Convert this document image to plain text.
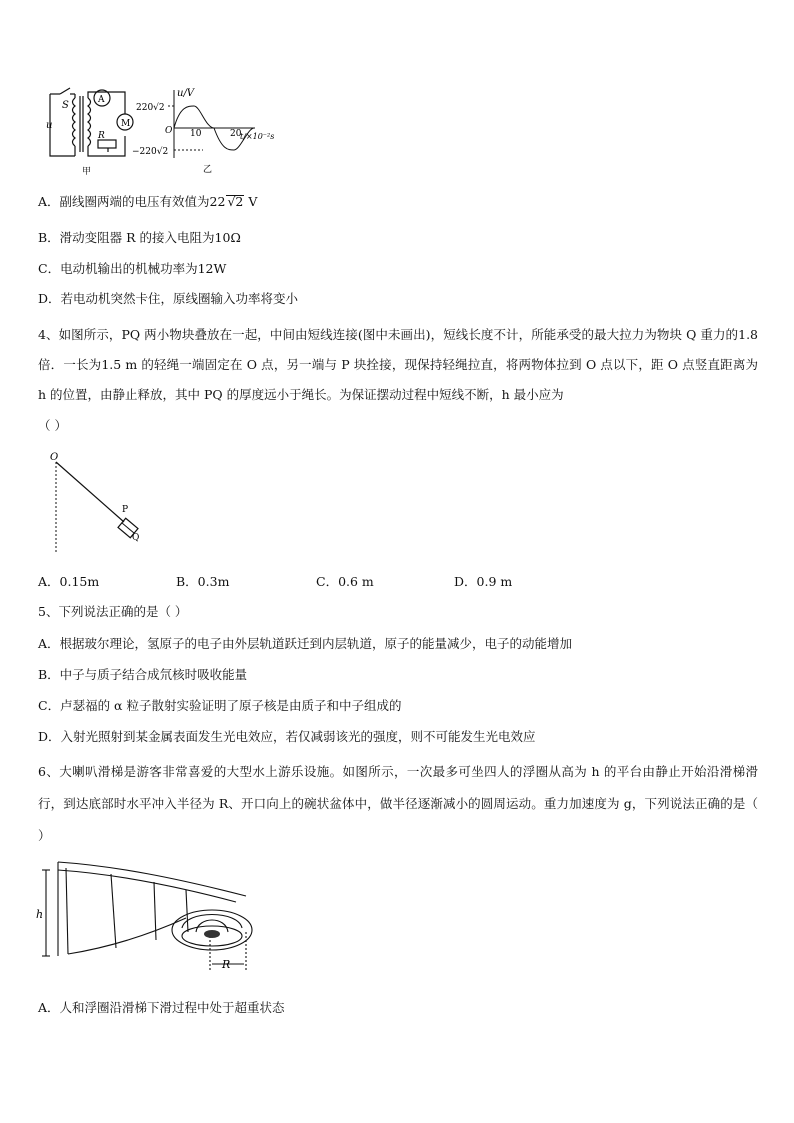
S
u
A
M
R
甲
u/V
220√2
−220√2
O 10	20
t/×10⁻²s
乙
A．副线圈两端的电压有效值为22 √2 V
B．滑动变阻器 R 的接入电阻为10Ω
C．电动机输出的机械功率为12W
D．若电动机突然卡住，原线圈输入功率将变小
4、如图所示，PQ 两小物块叠放在一起，中间由短线连接(图中未画出)，短线长度不计，所能承受的最大拉力为物块 Q 重力的1.8 倍．一长为1.5 m 的轻绳一端固定在 O 点，另一端与 P 块拴接，现保持轻绳拉直，将两物体拉到 O 点以下，距 O 点竖直距离为 h 的位置，由静止释放，其中 PQ 的厚度远小于绳长。为保证摆动过程中短线不断，h 最小应为
（ ）
O
P
Q
A．0.15m	B．0.3m	C．0.6 m	D．0.9 m
5、下列说法正确的是（ ）
A．根据玻尔理论，氢原子的电子由外层轨道跃迁到内层轨道，原子的能量减少，电子的动能增加
B．中子与质子结合成氘核时吸收能量
C．卢瑟福的 α 粒子散射实验证明了原子核是由质子和中子组成的
D．入射光照射到某金属表面发生光电效应，若仅减弱该光的强度，则不可能发生光电效应
6、大喇叭滑梯是游客非常喜爱的大型水上游乐设施。如图所示，一次最多可坐四人的浮圈从高为 h 的平台由静止开始沿滑梯滑行，到达底部时水平冲入半径为 R、开口向上的碗状盆体中，做半径逐渐减小的圆周运动。重力加速度为 g，下列说法正确的是（ ）
h
R
A．人和浮圈沿滑梯下滑过程中处于超重状态
